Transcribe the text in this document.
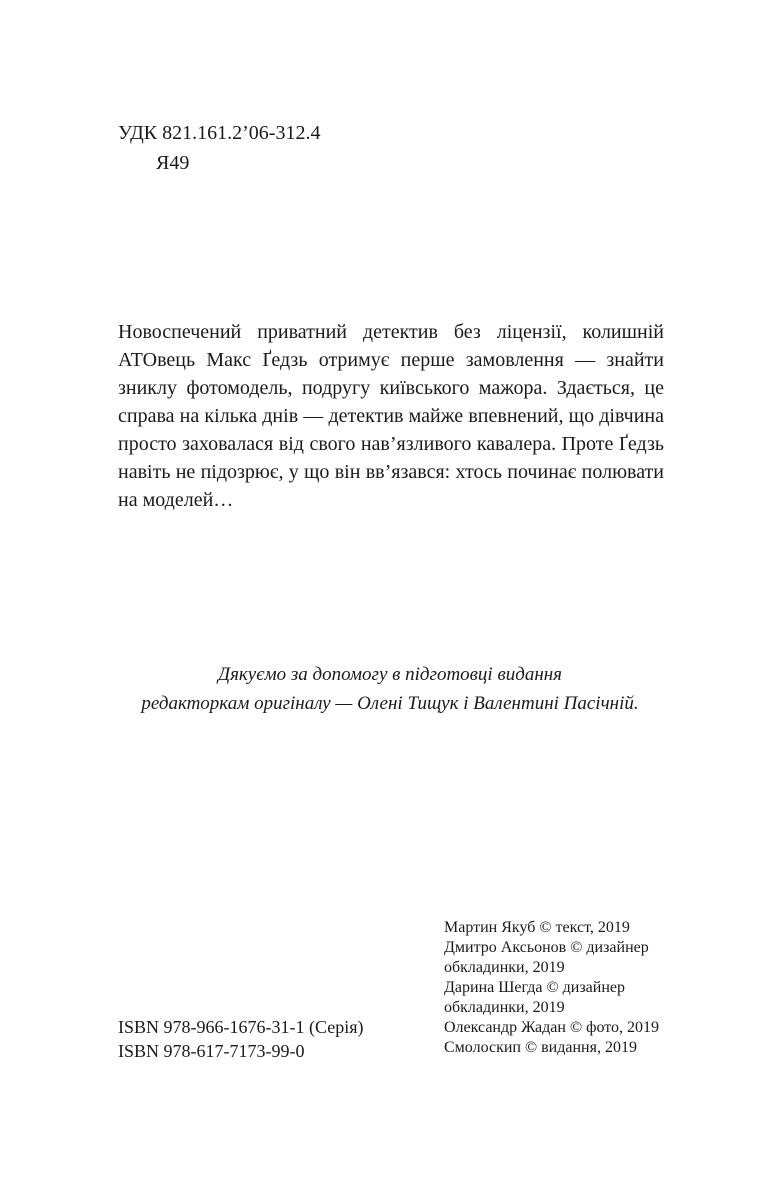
УДК 821.161.2’06-312.4
Я49

Новоспечений приватний детектив без ліцензії, колишній АТОвець Макс Ґедзь отримує перше замовлення — знайти зниклу фотомодель, подругу київського мажора. Здається, це справа на кілька днів — детектив майже впевнений, що дівчина просто заховалася від свого нав’язливого кавалера. Проте Ґедзь навіть не підозрює, у що він вв’язався: хтось починає полювати на моделей…

Дякуємо за допомогу в підготовці видання
редакторкам оригіналу — Олені Тищук і Валентині Пасічній.
ISBN 978-966-1676-31-1 (Серія)
ISBN 978-617-7173-99-0
Мартин Якуб © текст, 2019
Дмитро Аксьонов © дизайнер обкладинки, 2019
Дарина Шегда © дизайнер обкладинки, 2019
Олександр Жадан © фото, 2019
Смолоскип © видання, 2019
